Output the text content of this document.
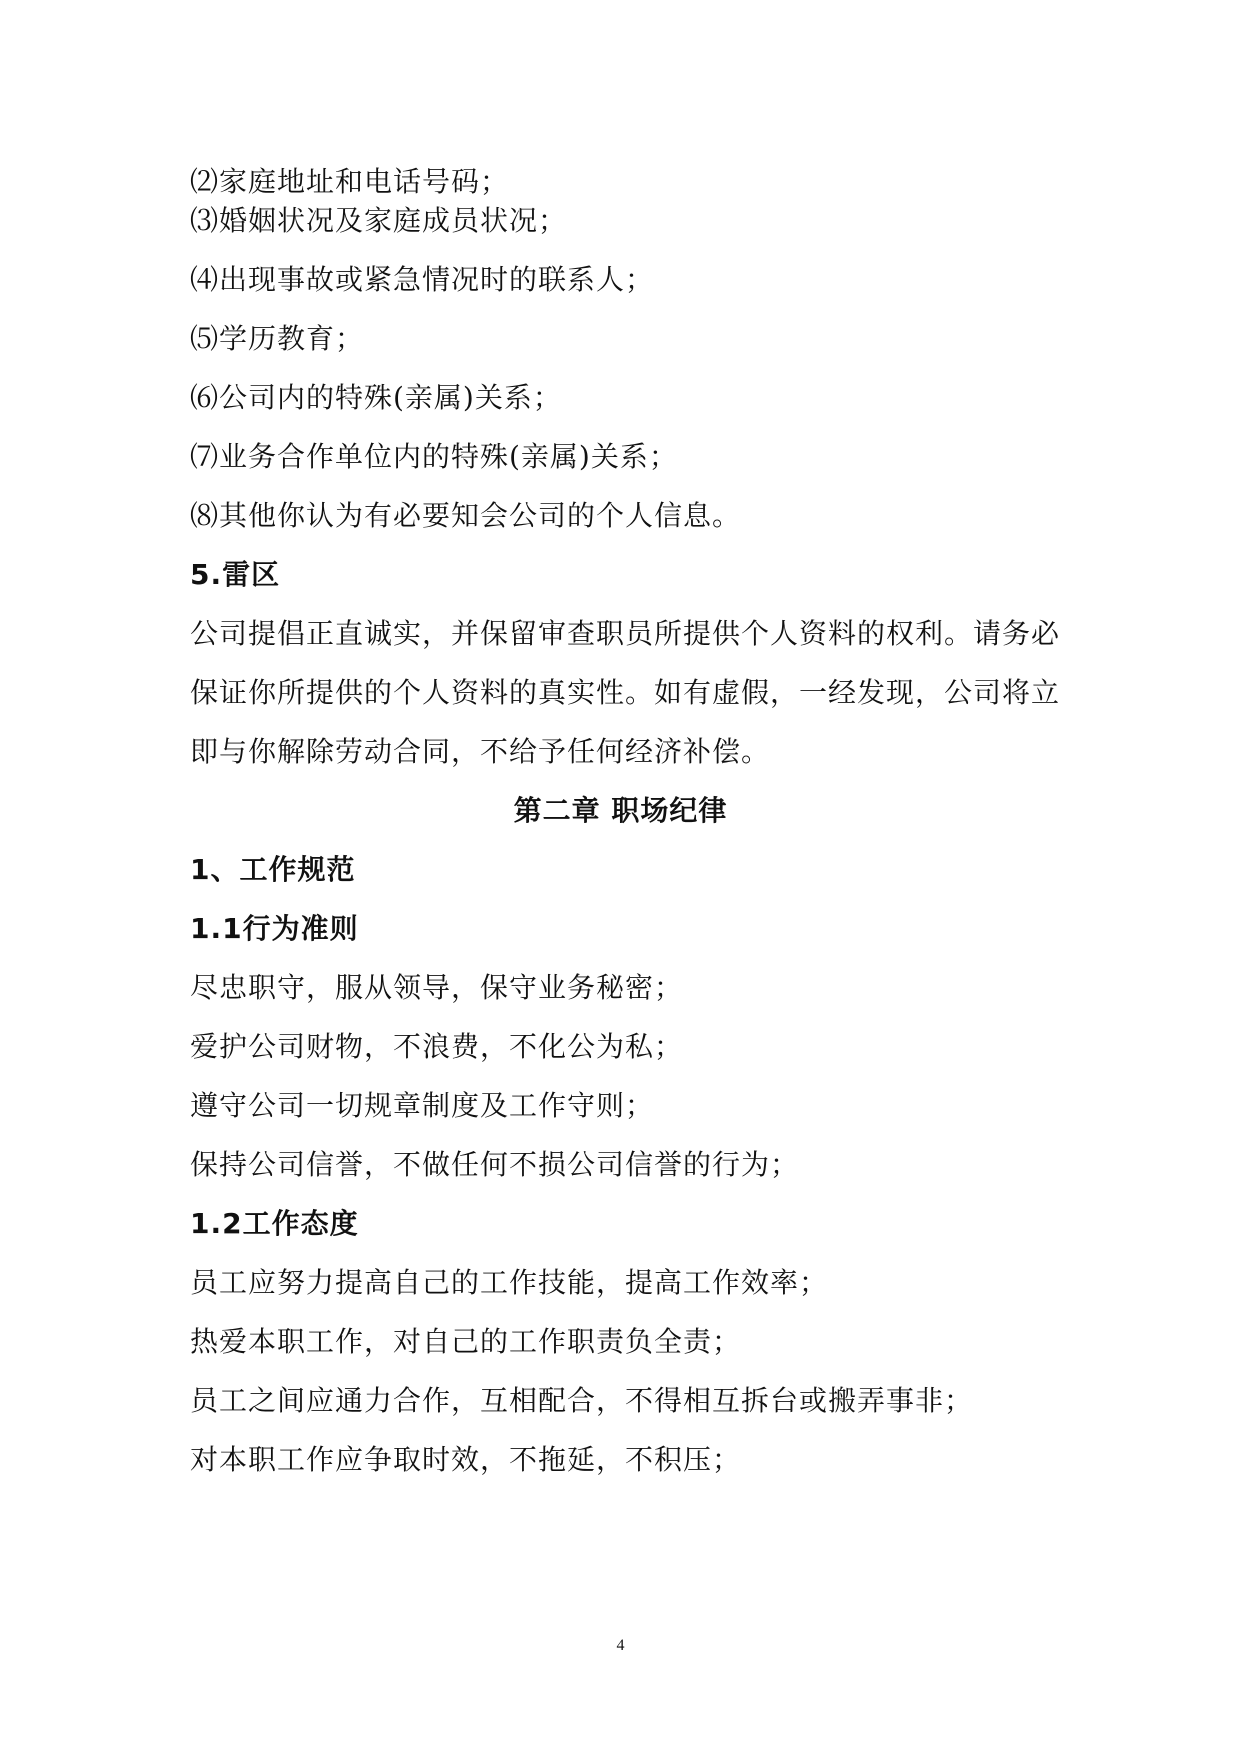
⑵家庭地址和电话号码；

⑶婚姻状况及家庭成员状况；

⑷出现事故或紧急情况时的联系人；

⑸学历教育；

⑹公司内的特殊(亲属)关系；

⑺业务合作单位内的特殊(亲属)关系；

⑻其他你认为有必要知会公司的个人信息。

5.雷区

公司提倡正直诚实，并保留审查职员所提供个人资料的权利。请务必

保证你所提供的个人资料的真实性。如有虚假，一经发现，公司将立

即与你解除劳动合同，不给予任何经济补偿。

第二章 职场纪律

1、工作规范

1.1行为准则

尽忠职守，服从领导，保守业务秘密；

爱护公司财物，不浪费，不化公为私；

遵守公司一切规章制度及工作守则；

保持公司信誉，不做任何不损公司信誉的行为；

1.2工作态度

员工应努力提高自己的工作技能，提高工作效率；

热爱本职工作，对自己的工作职责负全责；

员工之间应通力合作，互相配合，不得相互拆台或搬弄事非；

对本职工作应争取时效，不拖延，不积压；

4
